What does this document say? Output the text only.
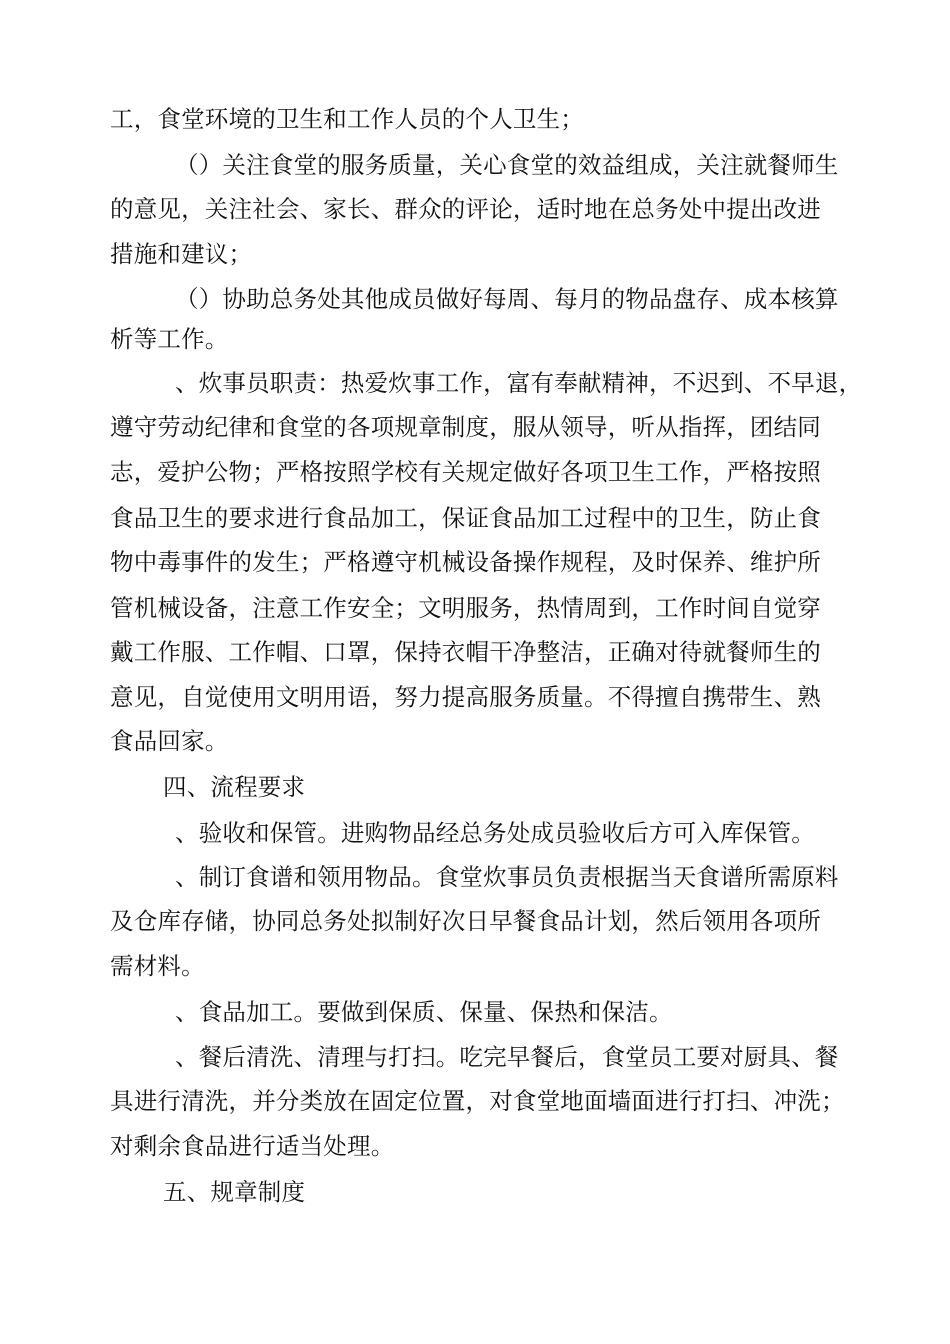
工，食堂环境的卫生和工作人员的个人卫生；
（）关注食堂的服务质量，关心食堂的效益组成，关注就餐师生
的意见，关注社会、家长、群众的评论，适时地在总务处中提出改进
措施和建议；
（）协助总务处其他成员做好每周、每月的物品盘存、成本核算
析等工作。
、炊事员职责：热爱炊事工作，富有奉献精神，不迟到、不早退，
遵守劳动纪律和食堂的各项规章制度，服从领导，听从指挥，团结同
志，爱护公物；严格按照学校有关规定做好各项卫生工作，严格按照
食品卫生的要求进行食品加工，保证食品加工过程中的卫生，防止食
物中毒事件的发生；严格遵守机械设备操作规程，及时保养、维护所
管机械设备，注意工作安全；文明服务，热情周到，工作时间自觉穿
戴工作服、工作帽、口罩，保持衣帽干净整洁，正确对待就餐师生的
意见，自觉使用文明用语，努力提高服务质量。不得擅自携带生、熟
食品回家。
四、流程要求
、验收和保管。进购物品经总务处成员验收后方可入库保管。
、制订食谱和领用物品。食堂炊事员负责根据当天食谱所需原料
及仓库存储，协同总务处拟制好次日早餐食品计划，然后领用各项所
需材料。
、食品加工。要做到保质、保量、保热和保洁。
、餐后清洗、清理与打扫。吃完早餐后，食堂员工要对厨具、餐
具进行清洗，并分类放在固定位置，对食堂地面墙面进行打扫、冲洗；
对剩余食品进行适当处理。
五、规章制度
